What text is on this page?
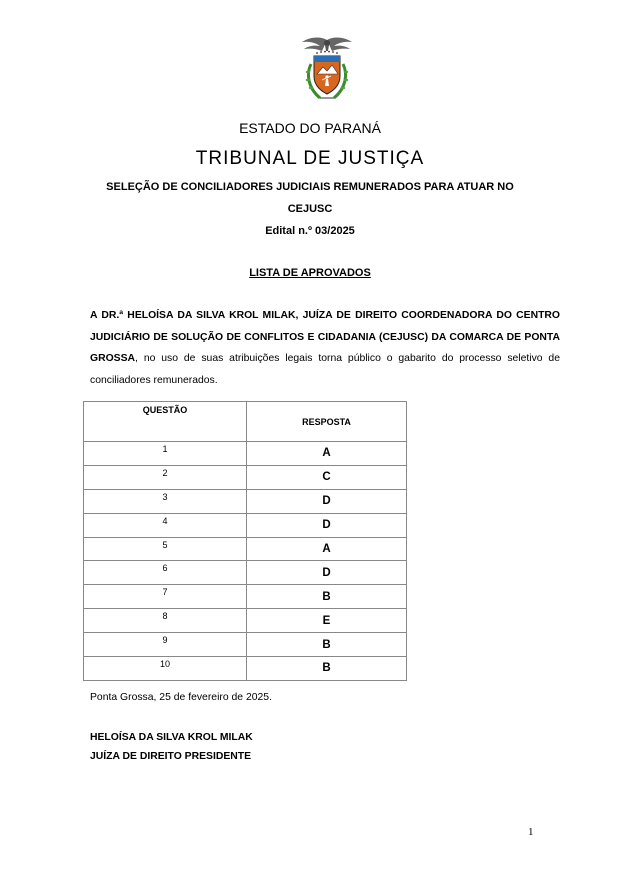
ESTADO DO PARANÁ
TRIBUNAL DE JUSTIÇA
SELEÇÃO DE CONCILIADORES JUDICIAIS REMUNERADOS PARA ATUAR NO
CEJUSC
Edital n.º 03/2025
LISTA DE APROVADOS
A DR.ª HELOÍSA DA SILVA KROL MILAK, JUÍZA DE DIREITO COORDENADORA DO CENTRO JUDICIÁRIO DE SOLUÇÃO DE CONFLITOS E CIDADANIA (CEJUSC) DA COMARCA DE PONTA GROSSA, no uso de suas atribuições legais torna público o gabarito do processo seletivo de conciliadores remunerados.
QUESTÃO	RESPOSTA
1	A
2	C
3	D
4	D
5	A
6	D
7	B
8	E
9	B
10	B
Ponta Grossa, 25 de fevereiro de 2025.
HELOÍSA DA SILVA KROL MILAK
JUÍZA DE DIREITO PRESIDENTE
1
